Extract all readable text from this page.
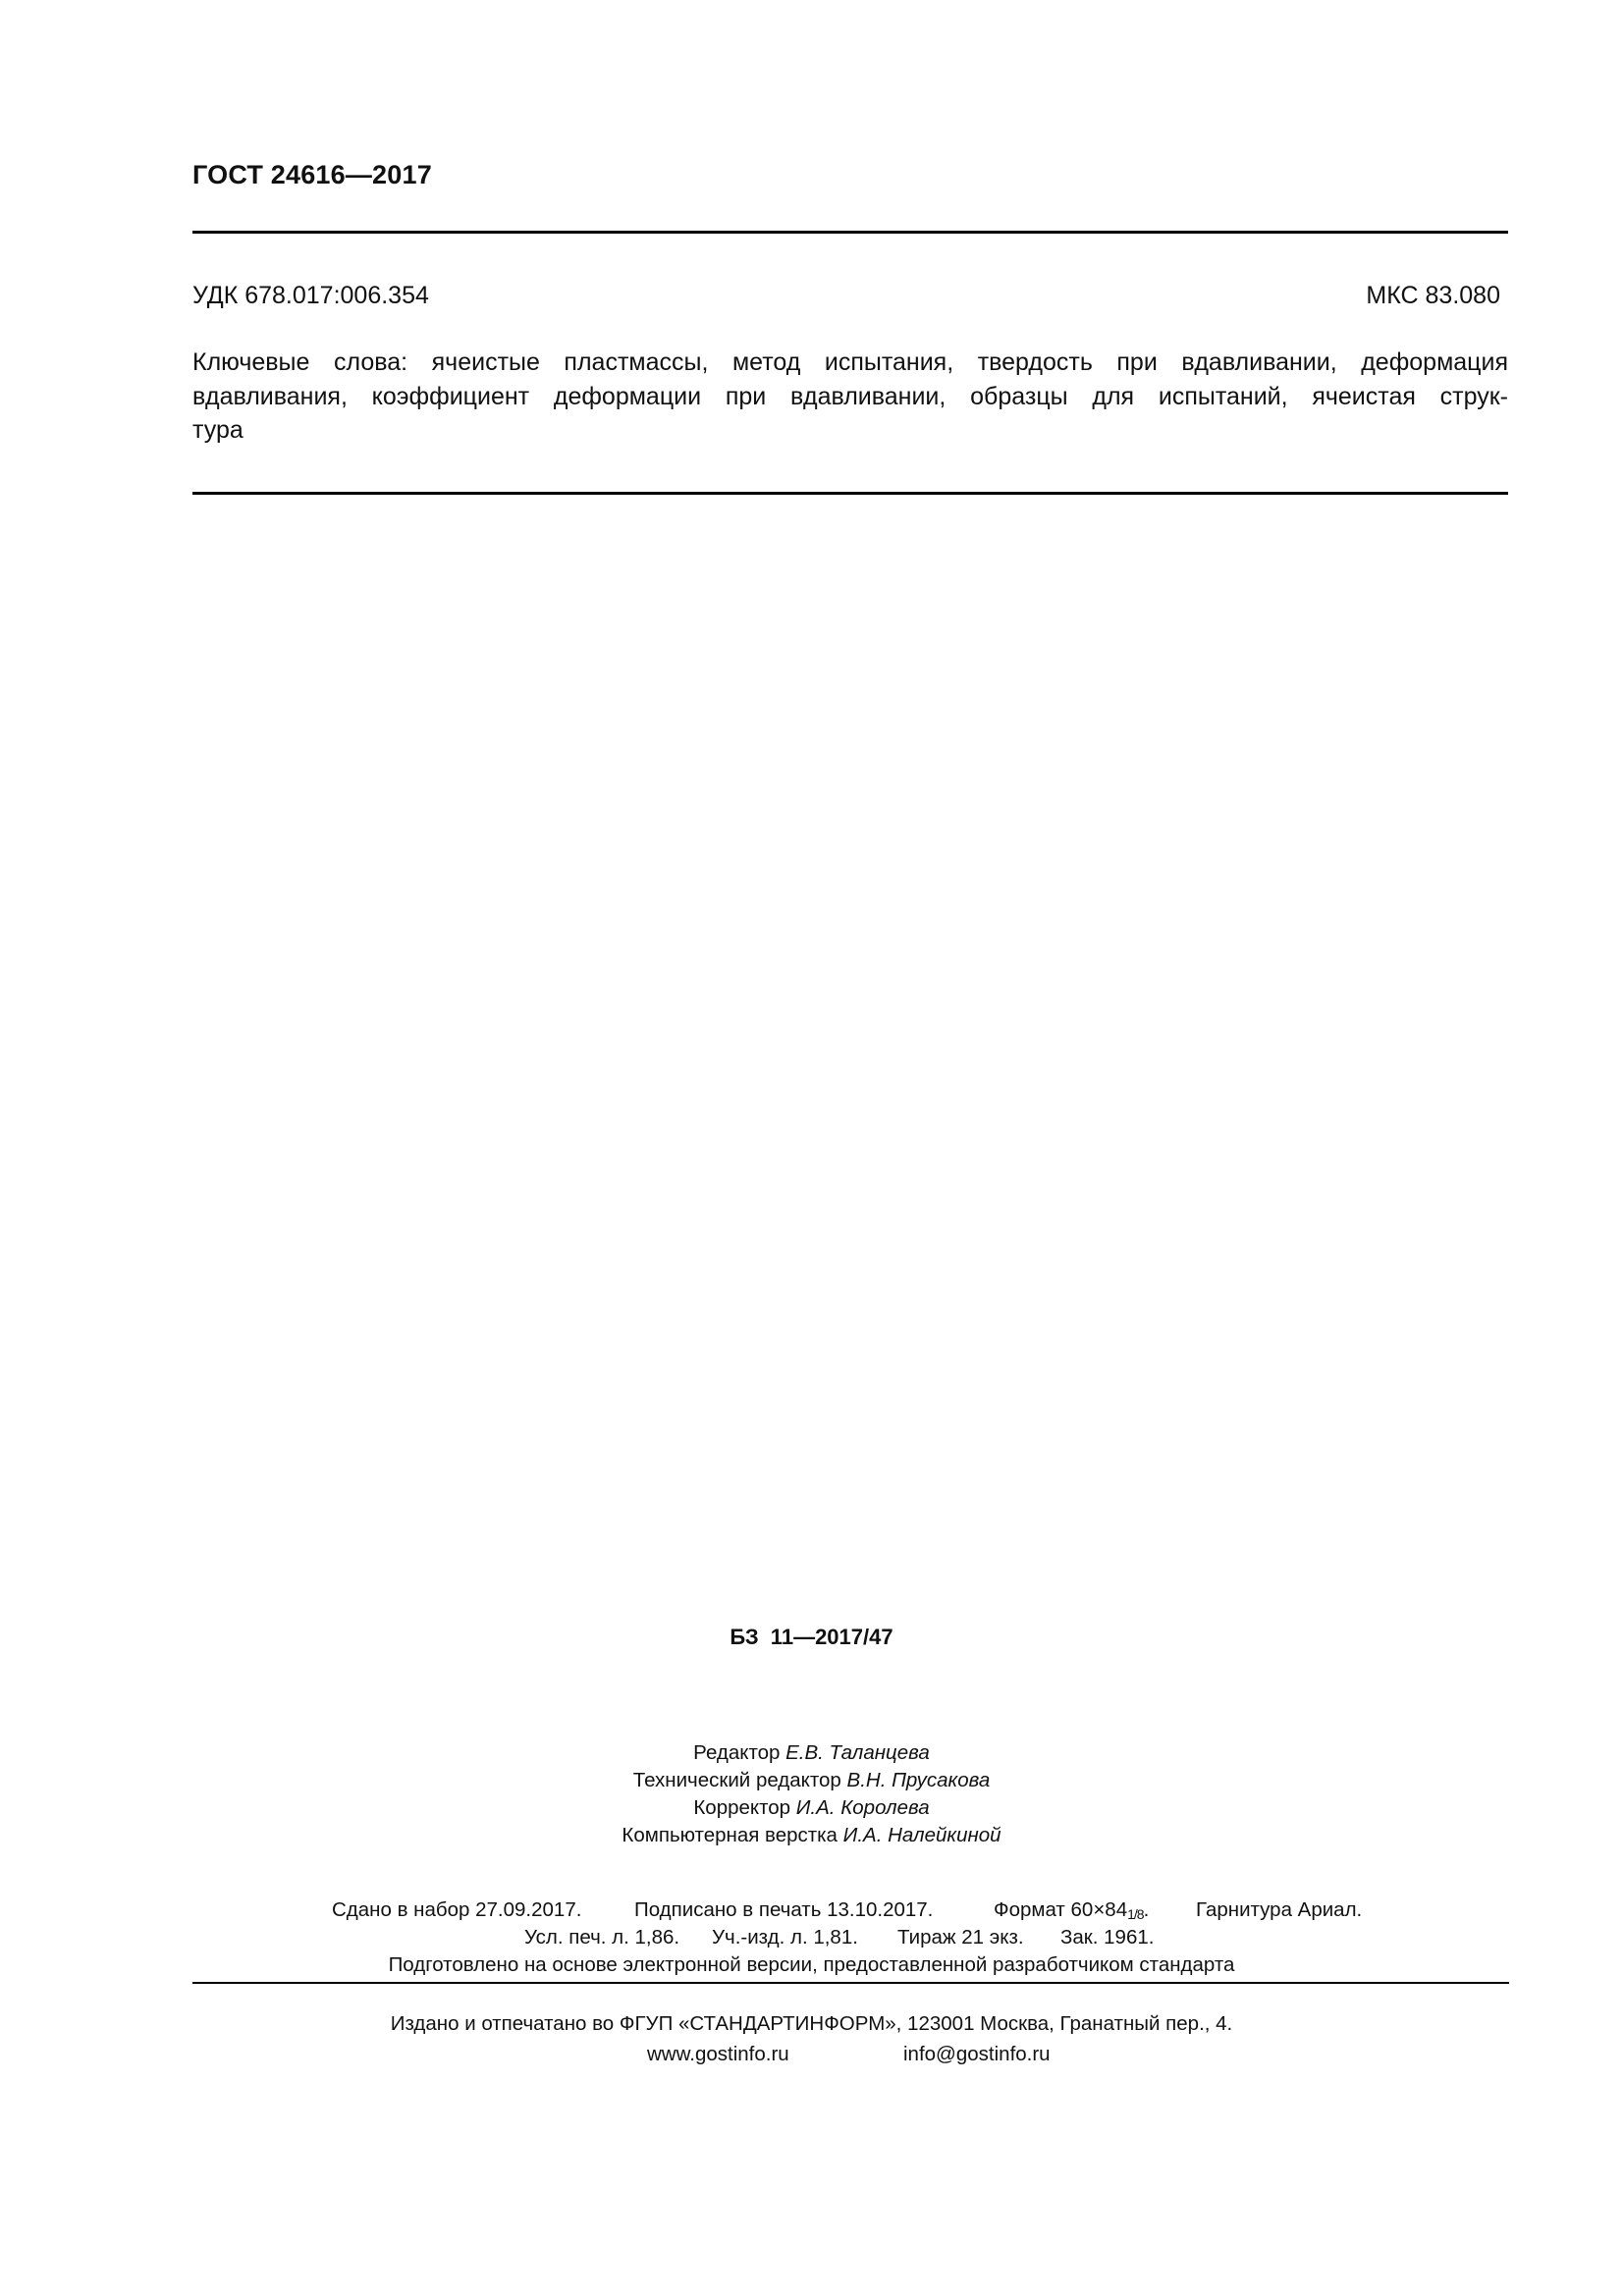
ГОСТ 24616—2017
УДК 678.017:006.354	МКС 83.080
Ключевые слова: ячеистые пластмассы, метод испытания, твердость при вдавливании, деформация
вдавливания, коэффициент деформации при вдавливании, образцы для испытаний, ячеистая струк-
тура
БЗ 11—2017/47
Редактор Е.В. Таланцева
Технический редактор В.Н. Прусакова
Корректор И.А. Королева
Компьютерная верстка И.А. Налейкиной
Сдано в набор 27.09.2017.	Подписано в печать 13.10.2017.	Формат 60×841/8. Гарнитура Ариал.
Усл. печ. л. 1,86. Уч.-изд. л. 1,81. Тираж 21 экз. Зак. 1961.
Подготовлено на основе электронной версии, предоставленной разработчиком стандарта
Издано и отпечатано во ФГУП «СТАНДАРТИНФОРМ», 123001 Москва, Гранатный пер., 4.
www.gostinfo.ru	info@gostinfo.ru
